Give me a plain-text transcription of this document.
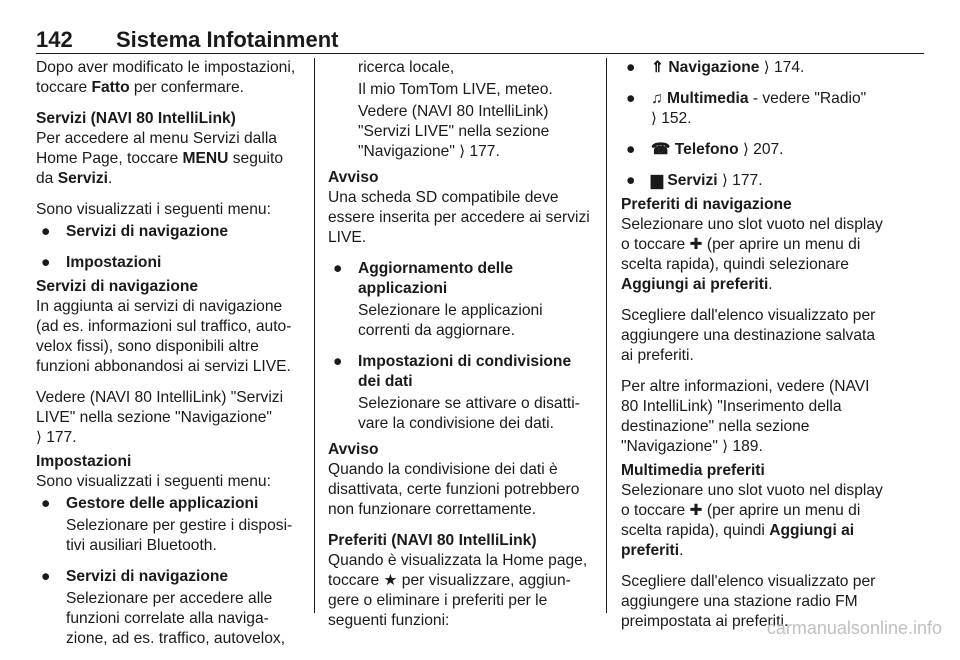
142 Sistema Infotainment

Dopo aver modificato le impostazioni, toccare Fatto per confermare.

Servizi (NAVI 80 IntelliLink)

Per accedere al menu Servizi dalla Home Page, toccare MENU seguito da Servizi.

Sono visualizzati i seguenti menu:

● Servizi di navigazione
● Impostazioni
Servizi di navigazione

In aggiunta ai servizi di navigazione (ad es. informazioni sul traffico, auto-velox fissi), sono disponibili altre funzioni abbonandosi ai servizi LIVE.

Vedere (NAVI 80 IntelliLink) "Servizi LIVE" nella sezione "Navigazione"
⟩ 177.

Impostazioni

Sono visualizzati i seguenti menu:

● Gestore delle applicazioni
Selezionare per gestire i disposi-tivi ausiliari Bluetooth.
● Servizi di navigazione
Selezionare per accedere alle funzioni correlate alla naviga-zione, ad es. traffico, autovelox,
ricerca locale,
Il mio TomTom LIVE, meteo.
Vedere (NAVI 80 IntelliLink) "Servizi LIVE" nella sezione "Navigazione" ⟩ 177.
Avviso

Una scheda SD compatibile deve essere inserita per accedere ai servizi LIVE.

● Aggiornamento delle applicazioni
Selezionare le applicazioni correnti da aggiornare.
● Impostazioni di condivisione dei dati
Selezionare se attivare o disatti-vare la condivisione dei dati.
Avviso

Quando la condivisione dei dati è disattivata, certe funzioni potrebbero non funzionare correttamente.

Preferiti (NAVI 80 IntelliLink)

Quando è visualizzata la Home page, toccare ★ per visualizzare, aggiun-gere o eliminare i preferiti per le seguenti funzioni:

● ⇑ Navigazione ⟩ 174.
● ♫ Multimedia - vedere "Radio"
⟩ 152.
● ☎ Telefono ⟩ 207.
● ▆ Servizi ⟩ 177.
Preferiti di navigazione

Selezionare uno slot vuoto nel display o toccare ✚ (per aprire un menu di scelta rapida), quindi selezionare Aggiungi ai preferiti.

Scegliere dall'elenco visualizzato per aggiungere una destinazione salvata ai preferiti.

Per altre informazioni, vedere (NAVI 80 IntelliLink) "Inserimento della destinazione" nella sezione "Navigazione" ⟩ 189.

Multimedia preferiti

Selezionare uno slot vuoto nel display o toccare ✚ (per aprire un menu di scelta rapida), quindi Aggiungi ai preferiti.

Scegliere dall'elenco visualizzato per aggiungere una stazione radio FM preimpostata ai preferiti.

carmanualsonline.info
